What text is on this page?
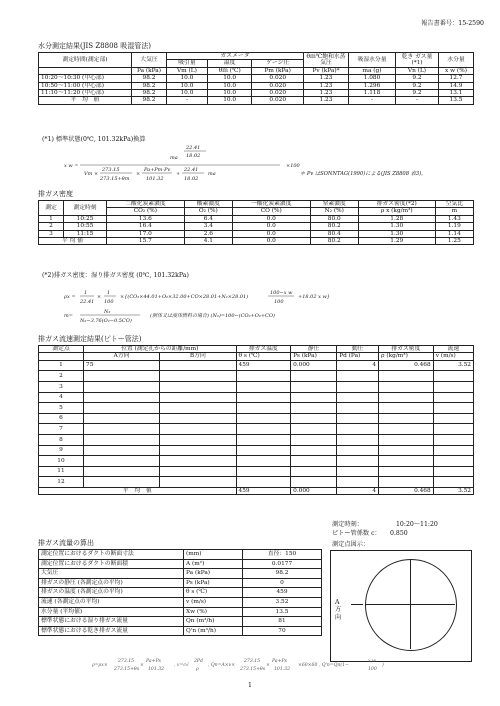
報告書番号：15-2590
水分測定結果(JIS Z8808 吸湿管法)
測定時間(測定部)	大気圧	ガスメータ			θｍ℃飽和水蒸気圧	吸湿水分量	乾き ガス量(*1)	水分量
		吸引量	温度	ゲージ圧				
	Pa (kPa)	Vm (L)	θｍ (℃)	Pm (kPa)	Pv (kPa)*	ma (g)	Vn (L)	x w (%)
10:20～10:30 (中心部)	98.2	10.0	10.0	0.020	1.23	1.080	9.2	12.7
10:50～11:00 (中心部)	98.2	10.0	10.0	0.020	1.23	1.296	9.2	14.9
11:10～11:20 (中心部)	98.2	10.0	10.0	0.020	1.23	1.118	9.2	13.1
平　均　値	98.2	-	10.0	0.020	1.23	-	-	13.5
(*1) 標準状態(0℃, 101.32kPa)換算
x w =
ma
Vm ×
273.15
273.15+θm
×
Pa+Pm-Pv
101.32
+
22.41
18.02
ma
×100
22.41
18.02
＊ Pv はSONNTAG(1990)による(JIS Z8808 表3)。
排ガス密度
測定	測定時刻	二酸化炭素濃度	酸素濃度	一酸化炭素濃度	窒素濃度	排ガス密度(*2)	空気比
		CO₂ (%)	O₂ (%)	CO (%)	N₂ (%)	ρ x (kg/m³)	m
1	10:25	13.6	6.4	0.0	80.0	1.28	1.43
2	10:55	16.4	3.4	0.0	80.2	1.30	1.19
3	11:15	17.0	2.6	0.0	80.4	1.30	1.14
平 均 値		15.7	4.1	0.0	80.2	1.29	1.25
(*2)排ガス密度：湿り排ガス密度 (0℃, 101.32kPa)
ρx =
1
22.41
×
1
100
×{(CO₂×44.01+O₂×32.00+CO×28.01+N₂×28.01)
100−x w
100
+18.02 x w}
m=
N₂
N₂−3.76(O₂−0.5CO)
(例体又は液体燃料の場合) (N₂)=100−(CO₂+O₂+CO)
排ガス流速測定結果(ピトー管法)
測定点	位置 (測定孔からの距離/mm)		排ガス温度	静圧	動圧	排ガス密度	流速

	A方向	B方向	θ s (℃)	Ps (kPa)	Pd (Pa)	ρ (kg/m³)	v (m/s)
1	75		459	0.000	4	0.468	3.52
2							
3							
4							
5							
6							
7							
8							
9							
10							
11							
12							
平　均　値			459	0.000	4	0.468	3.52
測定時刻：	10:20～11:20
ピトー管係数 c： 0.850
測定点図示：
A方向
排ガス流量の算出
測定位置におけるダクトの断面寸法	(mm)	直径：150
測定位置におけるダクトの断面積	A (m²)	0.0177
大気圧	Pa (kPa)	98.2
排ガスの静圧 (各測定点の平均)	Ps (kPa)	0
排ガスの温度 (各測定点の平均)	θ s (℃)	459
流速 (各測定点の平均)	v (m/s)	3.52
水分量 (平均値)	Xw (%)	13.5
標準状態における湿り排ガス流量	Qn (m³/h)	81
標準状態における乾き排ガス流量	Q'n (m³/h)	70
ρ=ρx×
273.15
273.15+θs
×
Pa+Ps
101.32
, v=c√
2Pd
ρ
, Qn=A×v×
273.15
273.15+θs
×
Pa+Ps
101.32
×60×60 , Q'n=Qn(1−
x w
100
)
1
